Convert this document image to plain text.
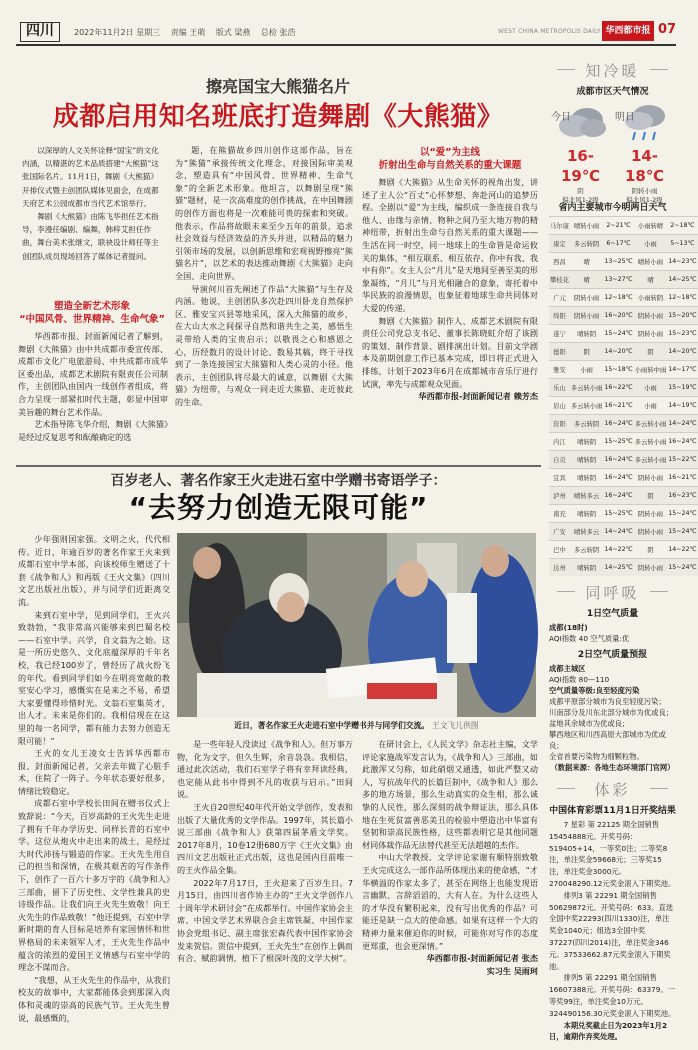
四川	2022年11月2日 星期三 责编 王萌 版式 梁燕 总检 张浩	WEST CHINA METROPOLIS DAILY 华西都市报 07
擦亮国宝大熊猫名片
成都启用知名班底打造舞剧《大熊猫》

以深厚的人文关怀诠释“国宝”的文化内涵，以精湛的艺术品质搭建“大熊猫”这张国际名片。11月1日，舞剧《大熊猫》开排仪式暨主创团队媒体见面会，在成都天府艺术公园成都市当代艺术馆举行。

舞剧《大熊猫》由陈飞华担任艺术指导，李漫任编剧、编舞，韩梓艾担任作曲，舞台美术张继文，联袂设计师任等主创团队成员现场回答了媒体记者提问。

塑造全新艺术形象
“中国风骨、世界精神、生命气象”

华西都市报、封面新闻记者了解到，舞剧《大熊猫》由中共成都市委宣传部、成都市文化广电旅游局、中共成都市成华区委出品，成都艺术剧院有限责任公司制作，主创团队由国内一线创作者组成，将合力呈现一部紧扣时代主题，彰显中国审美旨趣的舞台艺术作品。

艺术指导陈飞华介绍，舞剧《大熊猫》是经过反复思考和酝酿确定的选

题，在熊猫故乡四川创作这部作品，旨在为“熊猫”承接传统文化理念，对接国际审美观念，塑造具有“中国风骨、世界精神、生命气象”的全新艺术形象。他坦言，以舞剧呈现“熊猫”题材，是一次高难度的创作挑战，在中国舞剧的创作方面也将是一次难能可贵的探索和突破。他表示，作品将故眼未来至少五年的前景，追求社会效益与经济效益的齐头并进，以精品的魅力引领市场的发展，以创新思维和宏观视野擦亮“熊猫名片”，以艺术的表达推动舞剧《大熊猫》走向全国、走向世界。

导演何川首先阐述了作品“大熊猫”与生存及内涵。他说，主创团队多次赴四川卧龙自然保护区、雅安宝兴县等地采风，深入大熊猫的故乡，在大山大水之间探寻自然和谐共生之美，感悟生灵带给人类的宝贵启示；以敬畏之心和感恩之心，历经数月的设计讨论、数易其稿，终于寻找到了一条连接国宝大熊猫和人类心灵的小径。他表示，主创团队将尽最大的诚意，以舞剧《大熊猫》为纽带，与观众一同走近大熊猫、走近彼此的生命。

以“爱”为主线
折射出生命与自然关系的重大课题

舞剧《大熊猫》从生命关怀的视角出发，讲述了主人公“百丈”心怀梦想、奔赴河山的追梦历程。全剧以“爱”为主线，编织成一条连接自我与他人、由缘与亲情、物种之间乃至大地万物的精神纽带，折射出生命与自然关系的重大课题——生活在同一时空，同一地球上的生命皆是命运攸关的集体，“相互联系、相互依存、你中有我、我中有你”。女主人公“月儿”是天地间至善至美的形象凝练，“月儿”与月光相融合的意象，寄托着中华民族的浪漫情思，也象征着地球生命共同体对大爱的传递。

舞剧《大熊猫》制作人、成都艺术剧院有限责任公司党总支书记、董事长陈晓虹介绍了该剧的策划、制作背景、剧排演出计划。目前文学剧本及前期创意工作已基本完成，即日将正式进入排练，计划于2023年6月在成都城市音乐厅进行试演，率先与成都观众见面。

华西都市报-封面新闻记者 赖芳杰

百岁老人、著名作家王火走进石室中学赠书寄语学子：
“去努力创造无限可能”

少年强则国家强。文明之火，代代相传。近日，年逾百岁的著名作家王火来到成都石室中学本部，向该校师生赠送了十套《战争和人》和再版《王火文集》（四川文艺出版社出版），并与同学们近距离交流。

来到石室中学，见到同学们，王火兴致勃勃，“我非常高兴能够来到巴蜀名校——石室中学。兴学，自文翁为之始。这是一所历史悠久、文化底蕴深厚的千年名校，我已经100岁了，曾经历了战火纷飞的年代。看到同学们如今在明亮宽敞的教室安心学习，感慨实在是来之不易，希望大家要懂得珍惜时光。文翁石室集英才，出人才。未来是你们的。我相信现在在这里的每一名同学，都有能力去努力创造无限可能！”

王火的女儿王凌女士告诉华西都市报、封面新闻记者，父亲去年做了心脏手术，住院了一阵子。今年状态要好很多，情绪比较稳定。

成都石室中学校长田间在赠书仪式上致辞说：“今天，百岁高龄的王火先生走进了拥有千年办学历史、同样长青的石室中学。这位从炮火中走出来的战士，是经过大时代沛扬与锻造的作家。王火先生用自己的担当和深情，在极其艰苦的写作条件下，创作了一百六十多万字的《战争和人》三部曲，留下了历史性、文学性兼具的史诗级作品。让我们向王火先生致敬！向王火先生的作品致敬！”他还提到，石室中学新时期的育人目标是培养有家国情怀和世界格局的未来领军人才，王火先生作品中蕴含的浓烈的爱国王义情感与石室中学的理念不谋而合。

“我想，从王火先生的作品中，从我们校友的故事中，大家都能体会到那深入肉体和灵魂的崇高的民族气节。王火先生曾说，最感慨的，

近日，著名作家王火走进石室中学赠书并与同学们交流。 王文飞儿供图

是一些年轻人没读过《战争和人》。但万事万物，化为文字，但久生辉，余音袅袅。我相信，通过此次活动，我们石室学子将有幸拜读经典，也定能从此书中得到不凡的收获与启示。”田间说。

王火自20世纪40年代开始文学创作，发表和出版了大量优秀的文学作品。1997年，其长篇小说三部曲《战争和人》获第四届茅盾文学奖。2017年8月，10卷12册680万字《王火文集》由四川文艺出版社正式出版，这也是国内目前唯一的王火作品全集。

2022年7月17日，王火迎来了百岁生日。7月15日，由四川省作协主办的“王火文学创作八十周年学术研讨会”在成都举行。中国作家协会主席、中国文学艺术界联合会主席铁凝、中国作家协会党组书记、副主席张宏森代表中国作家协会发来贺信。贺信中提到，王火先生“在创作上偶而有合、赋韵调情，植下了根深叶茂的文学大树”。

在研讨会上，《人民文学》杂志社主编，文学评论家施战军发言认为，《战争和人》三部曲，如此激浑又匀称，如此硝烟又通透，如此严整又动人，写抗战年代的长篇巨制中，《战争和人》那么多的地方场景，那么生动真实的众生相，那么诚挚的人民性，那么深刻的战争辩证法，那么具体地在生死贫富善恶美丑的检验中塑造出中华富有坚韧和崇高民族性格，这些都表明它是其他同题材同体裁作品无法替代甚至无法超越的杰作。

中山大学教授、文学评论家谢有顺特别致敬王火完成这么一部作品所体现出来的使命感，“才华横溢的作家太多了，甚至在网络上也能发现语言幽默、言辞滔滔的，大有人在。为什么这些人的才华没有繁积起来，没有写出优秀的作品？可能还是缺一点大的使命感。如果有这样一个大的精神力量来催迫你的时候，可能你对写作的态度更郑重，也会更深情。”

华西都市报-封面新闻记者 张杰

实习生 吴雨珂

知冷暖
成都市区天气情况
今日
16-19℃
阴
偏北风1-2级
明日
14-18℃
阴转小雨
偏北风1-2级
省内主要城市今明两日天气
马尔康	晴转小雨	2~21℃	小雨转晴	2~18℃
康定	多云转阴	6~17℃	小雨	5~13℃
西昌	晴	13~25℃	晴转小雨	14~23℃
攀枝花	晴	13~27℃	晴	14~25℃
广元	阴转小雨	12~18℃	小雨转阴	12~18℃
绵阳	阴转小雨	16~20℃	阴转小雨	15~20℃
遂宁	晴转阴	15~24℃	阴转小雨	15~23℃
德阳	阴	14~20℃	阴	14~20℃
雅安	小雨	15~18℃	小雨转中雨	14~17℃
乐山	多云转小雨	16~22℃	小雨	15~19℃
眉山	多云转小雨	16~21℃	小雨	14~19℃
资阳	多云转阴	16~24℃	多云转小雨	14~24℃
内江	晴转阴	15~25℃	多云转小雨	16~24℃
自贡	晴转阴	16~24℃	多云转小雨	15~22℃
宜宾	晴转阴	16~24℃	阴转小雨	16~21℃
泸州	晴转多云	16~24℃	阴	16~23℃
南充	晴转阴	15~25℃	阴转小雨	15~24℃
广安	晴转多云	14~24℃	阴转小雨	15~24℃
巴中	多云转阴	14~22℃	阴	14~22℃
达州	晴转阴	14~25℃	阴转小雨	15~24℃
同呼吸
1日空气质量
成都(18时)
AQI指数 40 空气质量:优
2日空气质量预报
成都主城区
AQI指数 80—110
空气质量等级:良至轻度污染
成都平原部分城市为良至轻度污染；
川南部分及川东北部分城市为优或良；
盆地其余城市为优或良；
攀西地区和川西高原大部城市为优或良；
全省首要污染物为细颗粒物。
（数据来源：各地生态环境部门官网）
体彩
中国体育彩票11月1日开奖结果

7 星彩 第 22125 期全国销售15454888元。开奖号码：519405+14，一等奖0注；二等奖8注，单注奖金59668元；三等奖15注，单注奖金3000元。270048290.12元奖金滚入下期奖池。

排列3 第 22291 期全国销售50629872元。开奖号码：633。直选全国中奖22293(四川1330)注，单注奖金1040元；组选3全国中奖37227(四川2014)注，单注奖金346元。37533662.87元奖金滚入下期奖池。

排列5 第 22291 期全国销售16607388元。开奖号码：63379。一等奖99注，单注奖金10万元。324490156.30元奖金滚入下期奖池。

本期兑奖截止日为2023年1月2日，逾期作弃奖处理。
